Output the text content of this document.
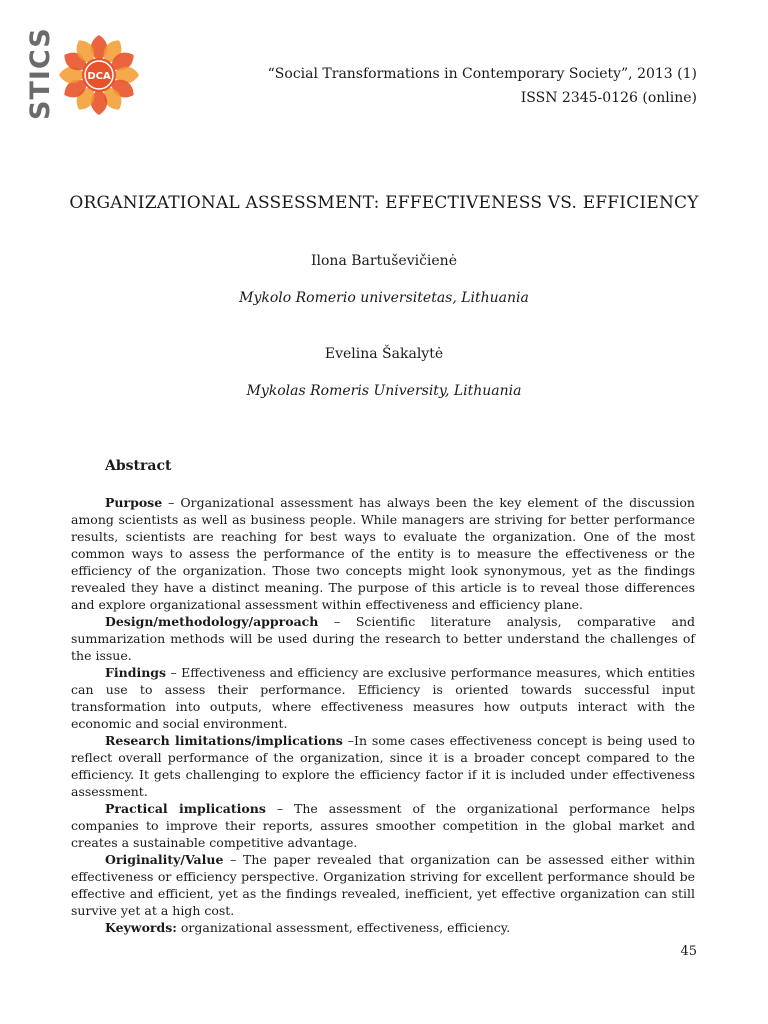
STICS	DCA	“Social Transformations in Contemporary Society”, 2013 (1)
ISSN 2345-0126 (online)
ORGANIZATIONAL ASSESSMENT: EFFECTIVENESS VS. EFFICIENCY
Ilona Bartuševičienė
Mykolo Romerio universitetas, Lithuania
Evelina Šakalytė
Mykolas Romeris University, Lithuania
Abstract

Purpose – Organizational assessment has always been the key element of the discussion among scientists as well as business people. While managers are striving for better performance results, scientists are reaching for best ways to evaluate the organization. One of the most common ways to assess the performance of the entity is to measure the effectiveness or the efficiency of the organization. Those two concepts might look synonymous, yet as the findings revealed they have a distinct meaning. The purpose of this article is to reveal those differences and explore organizational assessment within effectiveness and efficiency plane.

Design/methodology/approach – Scientific literature analysis, comparative and summarization methods will be used during the research to better understand the challenges of the issue.

Findings – Effectiveness and efficiency are exclusive performance measures, which entities can use to assess their performance. Efficiency is oriented towards successful input transformation into outputs, where effectiveness measures how outputs interact with the economic and social environment.

Research limitations/implications –In some cases effectiveness concept is being used to reflect overall performance of the organization, since it is a broader concept compared to the efficiency. It gets challenging to explore the efficiency factor if it is included under effectiveness assessment.

Practical implications – The assessment of the organizational performance helps companies to improve their reports, assures smoother competition in the global market and creates a sustainable competitive advantage.

Originality/Value – The paper revealed that organization can be assessed either within effectiveness or efficiency perspective. Organization striving for excellent performance should be effective and efficient, yet as the findings revealed, inefficient, yet effective organization can still survive yet at a high cost.

Keywords: organizational assessment, effectiveness, efficiency.

45
